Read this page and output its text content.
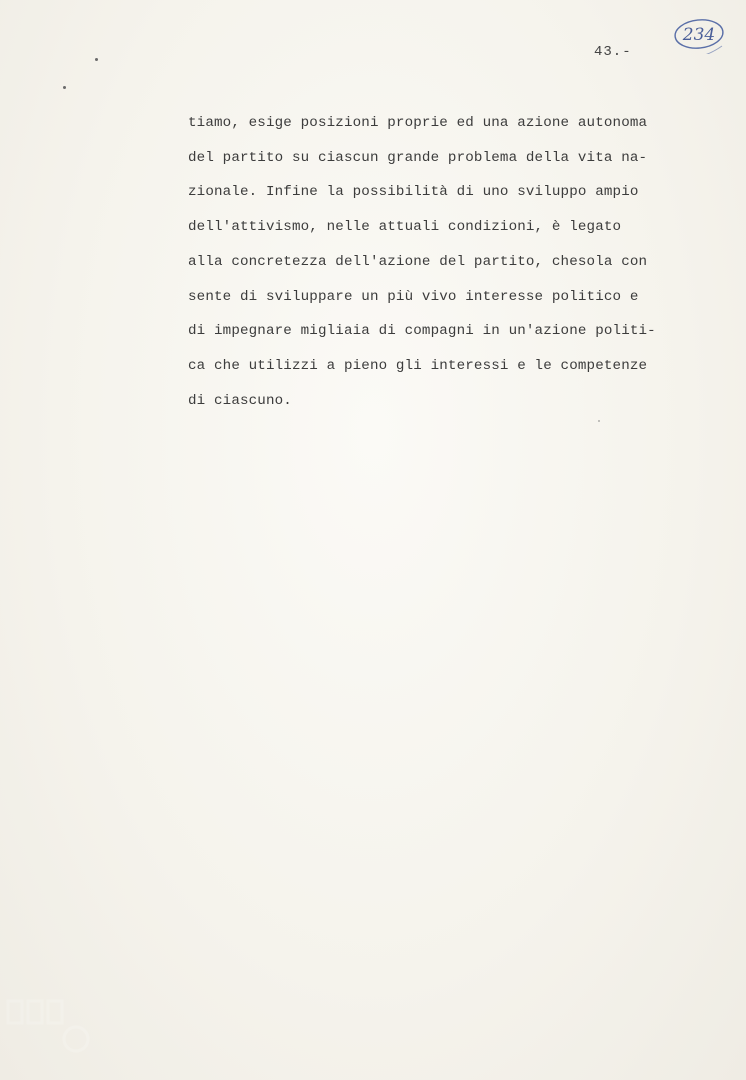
43.-
234
tiamo, esige posizioni proprie ed una azione autonoma
del partito su ciascun grande problema della vita na-
zionale. Infine la possibilità di uno sviluppo ampio
dell'attivismo, nelle attuali condizioni, è legato
alla concretezza dell'azione del partito, chesola con
sente di sviluppare un più vivo interesse politico e
di impegnare migliaia di compagni in un'azione politi-
ca che utilizzi a pieno gli interessi e le competenze
di ciascuno.
